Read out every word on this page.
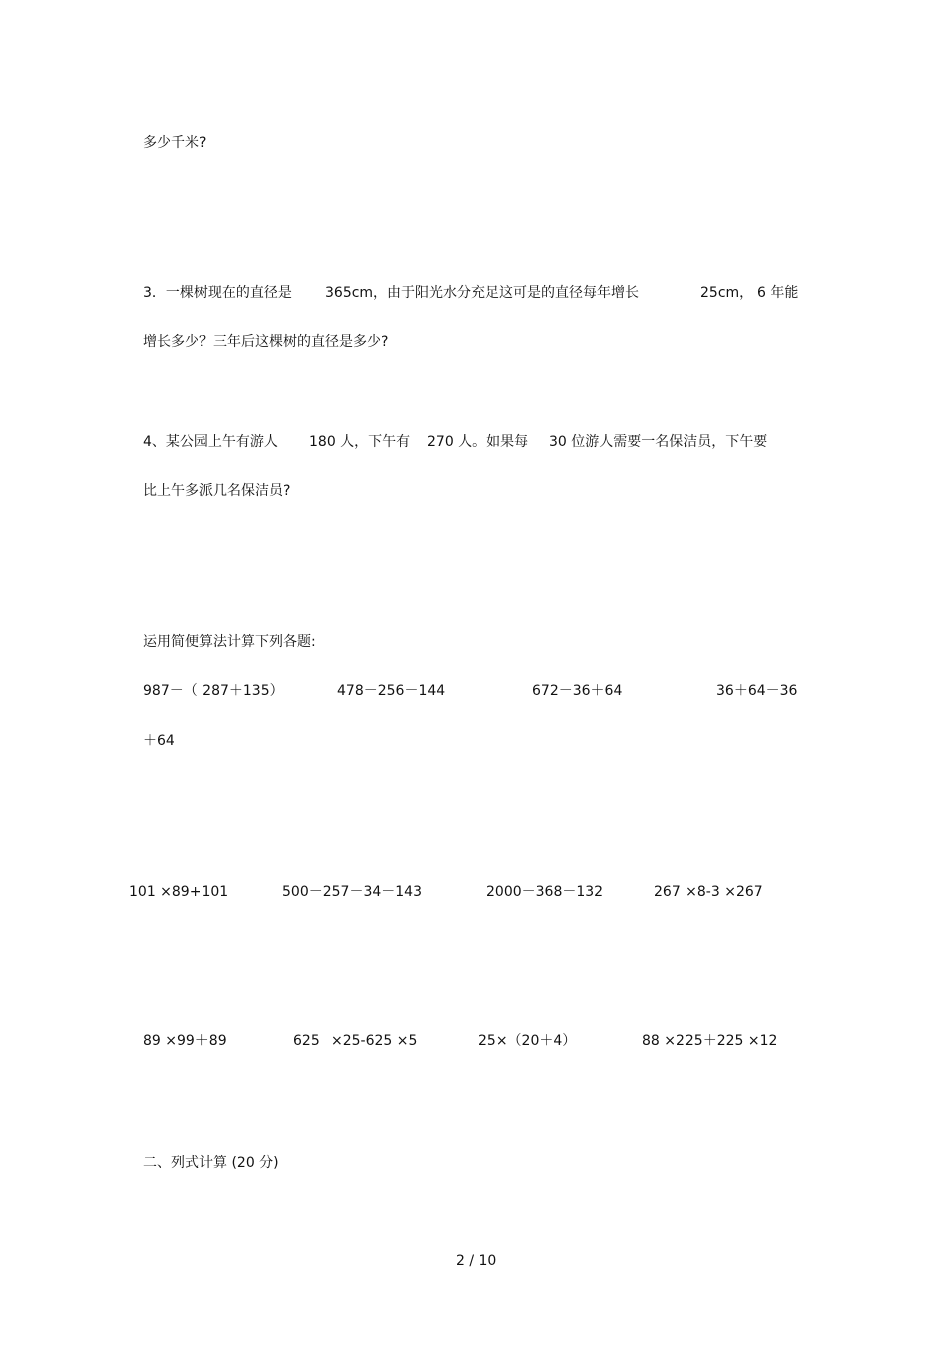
多少千米?
3．一棵树现在的直径是 365cm，由于阳光水分充足这可是的直径每年增长	25cm， 6 年能
增长多少？三年后这棵树的直径是多少?
4、某公园上午有游人 180 人，下午有 270 人。如果每 30 位游人需要一名保洁员，下午要
比上午多派几名保洁员?
运用简便算法计算下列各题:
987－（ 287＋135）	478－256－144	672－36＋64	36＋64－36
＋64
101 ×89+101	500－257－34－143	2000－368－132	267 ×8-3 ×267
89 ×99＋89	625 ×25-625 ×5	25×（20＋4）	88 ×225＋225 ×12
二、列式计算 (20 分)
2 / 10
